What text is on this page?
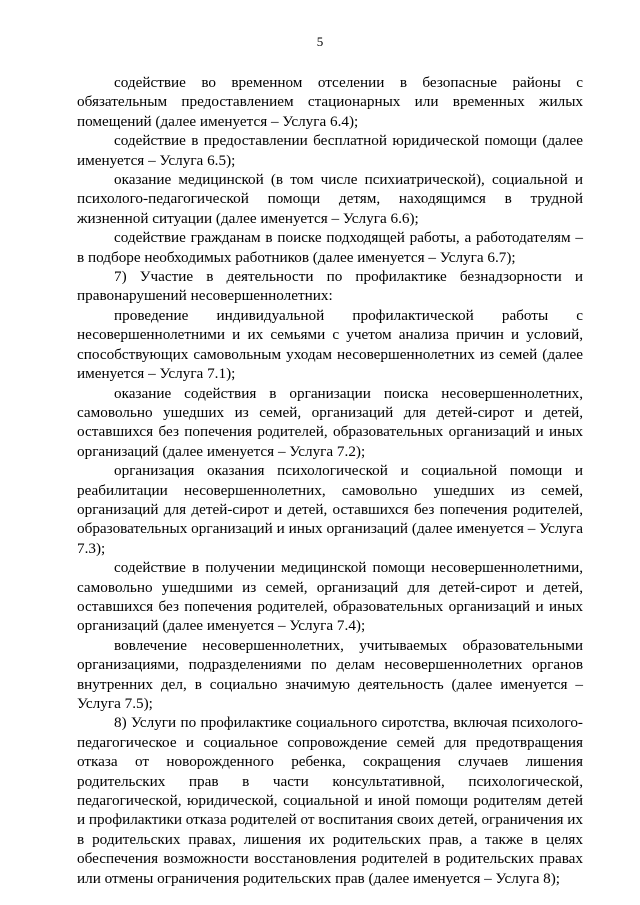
5

содействие во временном отселении в безопасные районы с обязательным предоставлением стационарных или временных жилых помещений (далее именуется – Услуга 6.4);

содействие в предоставлении бесплатной юридической помощи (далее именуется – Услуга 6.5);

оказание медицинской (в том числе психиатрической), социальной и психолого-педагогической помощи детям, находящимся в трудной жизненной ситуации (далее именуется – Услуга 6.6);

содействие гражданам в поиске подходящей работы, а работодателям – в подборе необходимых работников (далее именуется – Услуга 6.7);

7) Участие в деятельности по профилактике безнадзорности и правонарушений несовершеннолетних:

проведение индивидуальной профилактической работы с несовершеннолетними и их семьями с учетом анализа причин и условий, способствующих самовольным уходам несовершеннолетних из семей (далее именуется – Услуга 7.1);

оказание содействия в организации поиска несовершеннолетних, самовольно ушедших из семей, организаций для детей-сирот и детей, оставшихся без попечения родителей, образовательных организаций и иных организаций (далее именуется – Услуга 7.2);

организация оказания психологической и социальной помощи и реабилитации несовершеннолетних, самовольно ушедших из семей, организаций для детей-сирот и детей, оставшихся без попечения родителей, образовательных организаций и иных организаций (далее именуется – Услуга 7.3);

содействие в получении медицинской помощи несовершеннолетними, самовольно ушедшими из семей, организаций для детей-сирот и детей, оставшихся без попечения родителей, образовательных организаций и иных организаций (далее именуется – Услуга 7.4);

вовлечение несовершеннолетних, учитываемых образовательными организациями, подразделениями по делам несовершеннолетних органов внутренних дел, в социально значимую деятельность (далее именуется – Услуга 7.5);

8) Услуги по профилактике социального сиротства, включая психолого-педагогическое и социальное сопровождение семей для предотвращения отказа от новорожденного ребенка, сокращения случаев лишения родительских прав в части консультативной, психологической, педагогической, юридической, социальной и иной помощи родителям детей и профилактики отказа родителей от воспитания своих детей, ограничения их в родительских правах, лишения их родительских прав, а также в целях обеспечения возможности восстановления родителей в родительских правах или отмены ограничения родительских прав (далее именуется – Услуга 8);
